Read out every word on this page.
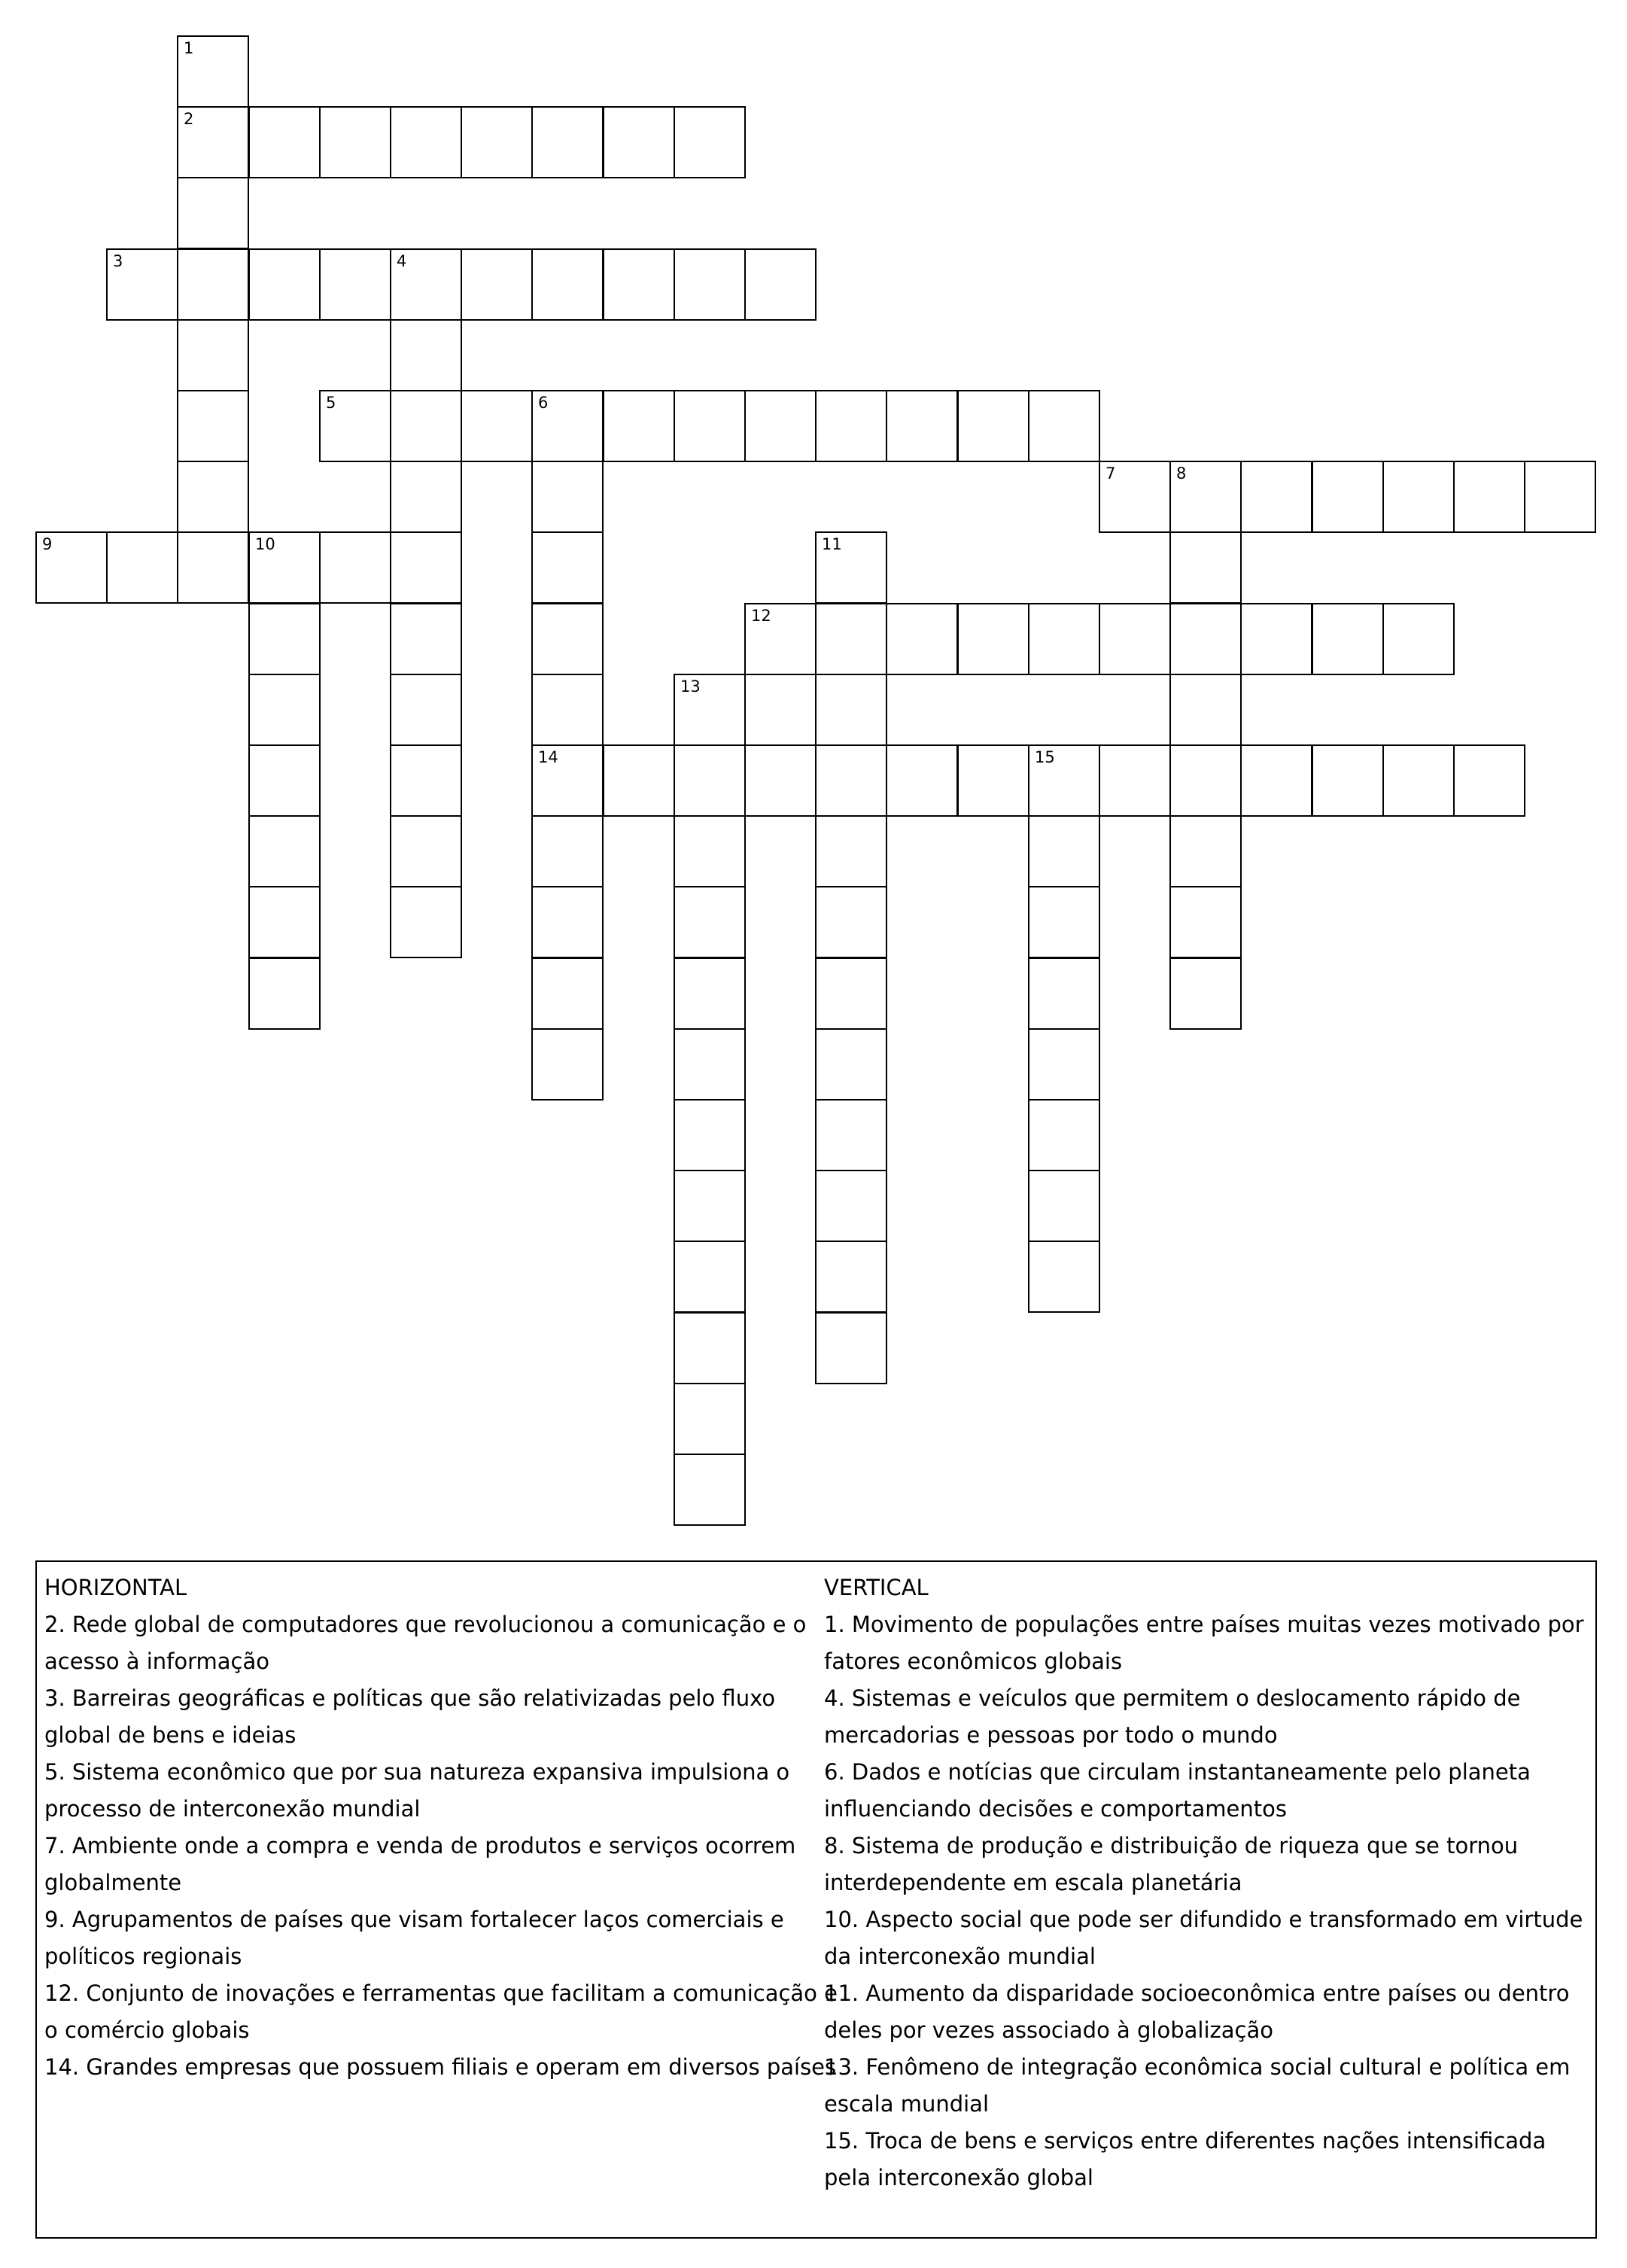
2
3	4
5	6
7	8
9	10
12
14	15
1
11
13

HORIZONTAL

2. Rede global de computadores que revolucionou a comunicação e o acesso à informação

3. Barreiras geográficas e políticas que são relativizadas pelo fluxo global de bens e ideias

5. Sistema econômico que por sua natureza expansiva impulsiona o processo de interconexão mundial

7. Ambiente onde a compra e venda de produtos e serviços ocorrem globalmente

9. Agrupamentos de países que visam fortalecer laços comerciais e políticos regionais

12. Conjunto de inovações e ferramentas que facilitam a comunicação e o comércio globais

14. Grandes empresas que possuem filiais e operam em diversos países

VERTICAL

1. Movimento de populações entre países muitas vezes motivado por fatores econômicos globais

4. Sistemas e veículos que permitem o deslocamento rápido de mercadorias e pessoas por todo o mundo

6. Dados e notícias que circulam instantaneamente pelo planeta influenciando decisões e comportamentos

8. Sistema de produção e distribuição de riqueza que se tornou interdependente em escala planetária

10. Aspecto social que pode ser difundido e transformado em virtude da interconexão mundial

11. Aumento da disparidade socioeconômica entre países ou dentro deles por vezes associado à globalização

13. Fenômeno de integração econômica social cultural e política em escala mundial

15. Troca de bens e serviços entre diferentes nações intensificada pela interconexão global
